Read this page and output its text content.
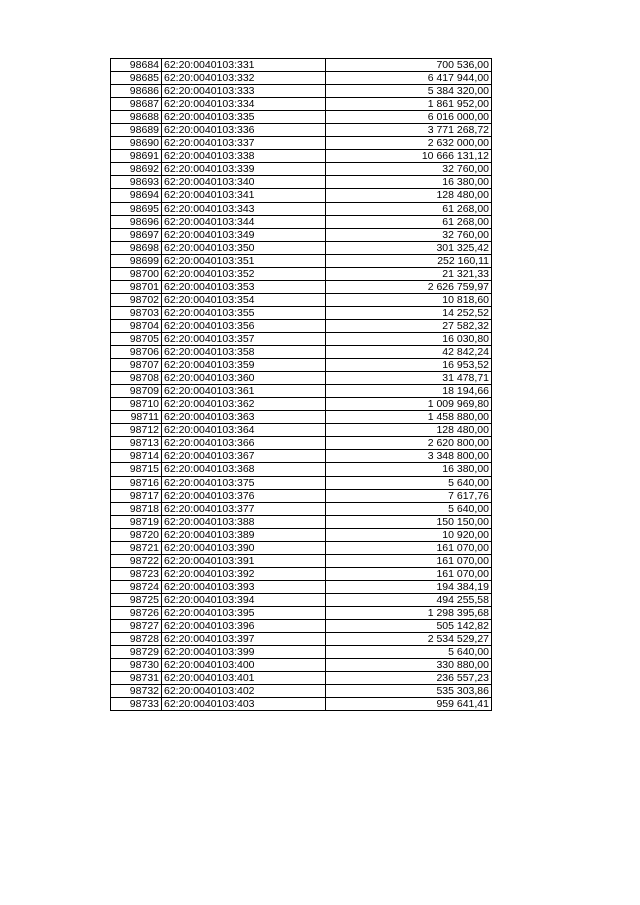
98684	62:20:0040103:331	700 536,00
98685	62:20:0040103:332	6 417 944,00
98686	62:20:0040103:333	5 384 320,00
98687	62:20:0040103:334	1 861 952,00
98688	62:20:0040103:335	6 016 000,00
98689	62:20:0040103:336	3 771 268,72
98690	62:20:0040103:337	2 632 000,00
98691	62:20:0040103:338	10 666 131,12
98692	62:20:0040103:339	32 760,00
98693	62:20:0040103:340	16 380,00
98694	62:20:0040103:341	128 480,00
98695	62:20:0040103:343	61 268,00
98696	62:20:0040103:344	61 268,00
98697	62:20:0040103:349	32 760,00
98698	62:20:0040103:350	301 325,42
98699	62:20:0040103:351	252 160,11
98700	62:20:0040103:352	21 321,33
98701	62:20:0040103:353	2 626 759,97
98702	62:20:0040103:354	10 818,60
98703	62:20:0040103:355	14 252,52
98704	62:20:0040103:356	27 582,32
98705	62:20:0040103:357	16 030,80
98706	62:20:0040103:358	42 842,24
98707	62:20:0040103:359	16 953,52
98708	62:20:0040103:360	31 478,71
98709	62:20:0040103:361	18 194,66
98710	62:20:0040103:362	1 009 969,80
98711	62:20:0040103:363	1 458 880,00
98712	62:20:0040103:364	128 480,00
98713	62:20:0040103:366	2 620 800,00
98714	62:20:0040103:367	3 348 800,00
98715	62:20:0040103:368	16 380,00
98716	62:20:0040103:375	5 640,00
98717	62:20:0040103:376	7 617,76
98718	62:20:0040103:377	5 640,00
98719	62:20:0040103:388	150 150,00
98720	62:20:0040103:389	10 920,00
98721	62:20:0040103:390	161 070,00
98722	62:20:0040103:391	161 070,00
98723	62:20:0040103:392	161 070,00
98724	62:20:0040103:393	194 384,19
98725	62:20:0040103:394	494 255,58
98726	62:20:0040103:395	1 298 395,68
98727	62:20:0040103:396	505 142,82
98728	62:20:0040103:397	2 534 529,27
98729	62:20:0040103:399	5 640,00
98730	62:20:0040103:400	330 880,00
98731	62:20:0040103:401	236 557,23
98732	62:20:0040103:402	535 303,86
98733	62:20:0040103:403	959 641,41
